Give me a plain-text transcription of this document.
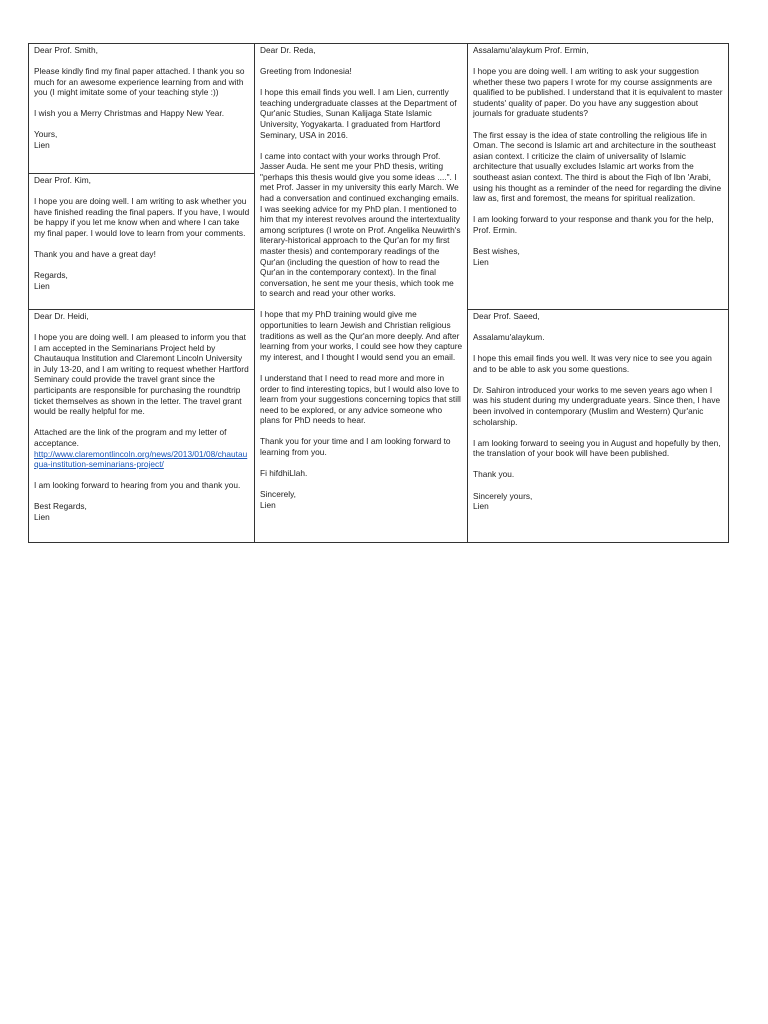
Dear Prof. Smith,

Please kindly find my final paper attached. I thank you so much for an awesome experience learning from and with you (I might imitate some of your teaching style :))

I wish you a Merry Christmas and Happy New Year.

Yours,

Lien

Dear Prof. Kim,

I hope you are doing well. I am writing to ask whether you have finished reading the final papers. If you have, I would be happy if you let me know when and where I can take my final paper. I would love to learn from your comments.

Thank you and have a great day!

Regards,

Lien

Dear Dr. Heidi,

I hope you are doing well. I am pleased to inform you that I am accepted in the Seminarians Project held by Chautauqua Institution and Claremont Lincoln University in July 13-20, and I am writing to request whether Hartford Seminary could provide the travel grant since the participants are responsible for purchasing the roundtrip ticket themselves as shown in the letter. The travel grant would be really helpful for me.

Attached are the link of the program and my letter of acceptance.

http://www.claremontlincoln.org/news/2013/01/08/chautauqua-institution-seminarians-project/

I am looking forward to hearing from you and thank you.

Best Regards,

Lien

Dear Dr. Reda,

Greeting from Indonesia!

I hope this email finds you well. I am Lien, currently teaching undergraduate classes at the Department of Qur'anic Studies, Sunan Kalijaga State Islamic University, Yogyakarta. I graduated from Hartford Seminary, USA in 2016.

I came into contact with your works through Prof. Jasser Auda. He sent me your PhD thesis, writing "perhaps this thesis would give you some ideas ....". I met Prof. Jasser in my university this early March. We had a conversation and continued exchanging emails. I was seeking advice for my PhD plan. I mentioned to him that my interest revolves around the intertextuality among scriptures (I wrote on Prof. Angelika Neuwirth's literary-historical approach to the Qur'an for my first master thesis) and contemporary readings of the Qur'an (including the question of how to read the Qur'an in the contemporary context). In the final conversation, he sent me your thesis, which took me to search and read your other works.

I hope that my PhD training would give me opportunities to learn Jewish and Christian religious traditions as well as the Qur'an more deeply. And after learning from your works, I could see how they capture my interest, and I thought I would send you an email.

I understand that I need to read more and more in order to find interesting topics, but I would also love to learn from your suggestions concerning topics that still need to be explored, or any advice someone who plans for PhD needs to hear.

Thank you for your time and I am looking forward to learning from you.

Fi hifdhiLlah.

Sincerely,

Lien

Assalamu'alaykum Prof. Ermin,

I hope you are doing well. I am writing to ask your suggestion whether these two papers I wrote for my course assignments are qualified to be published. I understand that it is equivalent to master students' quality of paper. Do you have any suggestion about journals for graduate students?

The first essay is the idea of state controlling the religious life in Oman. The second is Islamic art and architecture in the southeast asian context. I criticize the claim of universality of Islamic architecture that usually excludes Islamic art works from the southeast asian context. The third is about the Fiqh of Ibn 'Arabi, using his thought as a reminder of the need for regarding the divine law as, first and foremost, the means for spiritual realization.

I am looking forward to your response and thank you for the help, Prof. Ermin.

Best wishes,

Lien

Dear Prof. Saeed,

Assalamu'alaykum.

I hope this email finds you well. It was very nice to see you again and to be able to ask you some questions.

Dr. Sahiron introduced your works to me seven years ago when I was his student during my undergraduate years. Since then, I have been involved in contemporary (Muslim and Western) Qur'anic scholarship.

I am looking forward to seeing you in August and hopefully by then, the translation of your book will have been published.

Thank you.

Sincerely yours,

Lien
